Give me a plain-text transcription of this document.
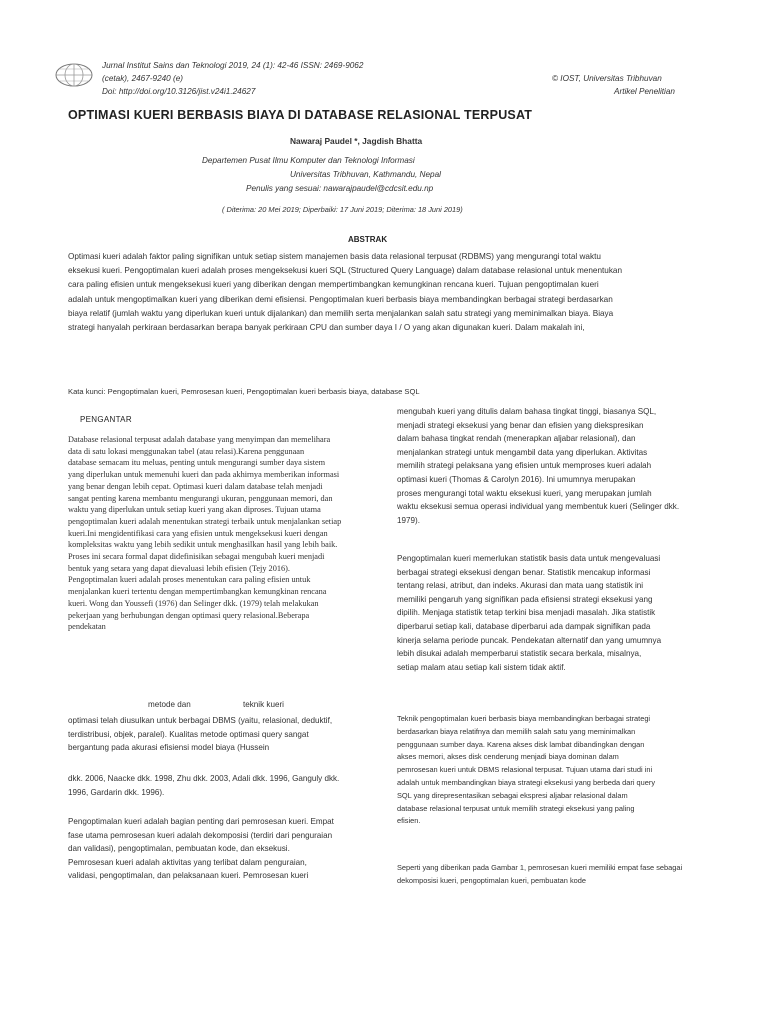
Jurnal Institut Sains dan Teknologi 2019, 24 (1): 42-46 ISSN: 2469-9062
(cetak), 2467-9240 (e)
Doi: http://doi.org/10.3126/jist.v24i1.24627
© IOST, Universitas Tribhuvan
Artikel Penelitian
OPTIMASI KUERI BERBASIS BIAYA DI DATABASE RELASIONAL TERPUSAT
Nawaraj Paudel *, Jagdish Bhatta
Departemen Pusat Ilmu Komputer dan Teknologi Informasi
Universitas Tribhuvan, Kathmandu, Nepal
Penulis yang sesuai: nawarajpaudel@cdcsit.edu.np
( Diterima: 20 Mei 2019; Diperbaiki: 17 Juni 2019; Diterima: 18 Juni 2019)
ABSTRAK
Optimasi kueri adalah faktor paling signifikan untuk setiap sistem manajemen basis data relasional terpusat (RDBMS) yang mengurangi total waktu
eksekusi kueri. Pengoptimalan kueri adalah proses mengeksekusi kueri SQL (Structured Query Language) dalam database relasional untuk menentukan
cara paling efisien untuk mengeksekusi kueri yang diberikan dengan mempertimbangkan kemungkinan rencana kueri. Tujuan pengoptimalan kueri
adalah untuk mengoptimalkan kueri yang diberikan demi efisiensi. Pengoptimalan kueri berbasis biaya membandingkan berbagai strategi berdasarkan
biaya relatif (jumlah waktu yang diperlukan kueri untuk dijalankan) dan memilih serta menjalankan salah satu strategi yang meminimalkan biaya. Biaya
strategi hanyalah perkiraan berdasarkan berapa banyak perkiraan CPU dan sumber daya I / O yang akan digunakan kueri. Dalam makalah ini,
Kata kunci: Pengoptimalan kueri, Pemrosesan kueri, Pengoptimalan kueri berbasis biaya, database SQL
PENGANTAR

Database relasional terpusat adalah database yang menyimpan dan memelihara

data di satu lokasi menggunakan tabel (atau relasi).Karena penggunaan

database semacam itu meluas, penting untuk mengurangi sumber daya sistem

yang diperlukan untuk memenuhi kueri dan pada akhirnya memberikan informasi

yang benar dengan lebih cepat. Optimasi kueri dalam database telah menjadi

sangat penting karena membantu mengurangi ukuran, penggunaan memori, dan

waktu yang diperlukan untuk setiap kueri yang akan diproses. Tujuan utama

pengoptimalan kueri adalah menentukan strategi terbaik untuk menjalankan setiap

kueri.Ini mengidentifikasi cara yang efisien untuk mengeksekusi kueri dengan

kompleksitas waktu yang lebih sedikit untuk menghasilkan hasil yang lebih baik.

Proses ini secara formal dapat didefinisikan sebagai mengubah kueri menjadi

bentuk yang setara yang dapat dievaluasi lebih efisien (Tejy 2016).

Pengoptimalan kueri adalah proses menentukan cara paling efisien untuk

menjalankan kueri tertentu dengan mempertimbangkan kemungkinan rencana

kueri. Wong dan Youssefi (1976) dan Selinger dkk. (1979) telah melakukan

pekerjaan yang berhubungan dengan optimasi query relasional.Beberapa

pendekatan

metode dan	teknik kueri

optimasi telah diusulkan untuk berbagai DBMS (yaitu, relasional, deduktif,

terdistribusi, objek, paralel). Kualitas metode optimasi query sangat

bergantung pada akurasi efisiensi model biaya (Hussein

dkk. 2006, Naacke dkk. 1998, Zhu dkk. 2003, Adali dkk. 1996, Ganguly dkk.

1996, Gardarin dkk. 1996).

Pengoptimalan kueri adalah bagian penting dari pemrosesan kueri. Empat

fase utama pemrosesan kueri adalah dekomposisi (terdiri dari penguraian

dan validasi), pengoptimalan, pembuatan kode, dan eksekusi.

Pemrosesan kueri adalah aktivitas yang terlibat dalam penguraian,

validasi, pengoptimalan, dan pelaksanaan kueri. Pemrosesan kueri

mengubah kueri yang ditulis dalam bahasa tingkat tinggi, biasanya SQL,

menjadi strategi eksekusi yang benar dan efisien yang diekspresikan

dalam bahasa tingkat rendah (menerapkan aljabar relasional), dan

menjalankan strategi untuk mengambil data yang diperlukan. Aktivitas

memilih strategi pelaksana yang efisien untuk memproses kueri adalah

optimasi kueri (Thomas & Carolyn 2016). Ini umumnya merupakan

proses mengurangi total waktu eksekusi kueri, yang merupakan jumlah

waktu eksekusi semua operasi individual yang membentuk kueri (Selinger dkk.

1979).

Pengoptimalan kueri memerlukan statistik basis data untuk mengevaluasi

berbagai strategi eksekusi dengan benar. Statistik mencakup informasi

tentang relasi, atribut, dan indeks. Akurasi dan mata uang statistik ini

memiliki pengaruh yang signifikan pada efisiensi strategi eksekusi yang

dipilih. Menjaga statistik tetap terkini bisa menjadi masalah. Jika statistik

diperbarui setiap kali, database diperbarui ada dampak signifikan pada

kinerja selama periode puncak. Pendekatan alternatif dan yang umumnya

lebih disukai adalah memperbarui statistik secara berkala, misalnya,

setiap malam atau setiap kali sistem tidak aktif.

Teknik pengoptimalan kueri berbasis biaya membandingkan berbagai strategi

berdasarkan biaya relatifnya dan memilih salah satu yang meminimalkan

penggunaan sumber daya. Karena akses disk lambat dibandingkan dengan

akses memori, akses disk cenderung menjadi biaya dominan dalam

pemrosesan kueri untuk DBMS relasional terpusat. Tujuan utama dari studi ini

adalah untuk membandingkan biaya strategi eksekusi yang berbeda dari query

SQL yang direpresentasikan sebagai ekspresi aljabar relasional dalam

database relasional terpusat untuk memilih strategi eksekusi yang paling

efisien.

Seperti yang diberikan pada Gambar 1, pemrosesan kueri memiliki empat fase sebagai

dekomposisi kueri, pengoptimalan kueri, pembuatan kode
